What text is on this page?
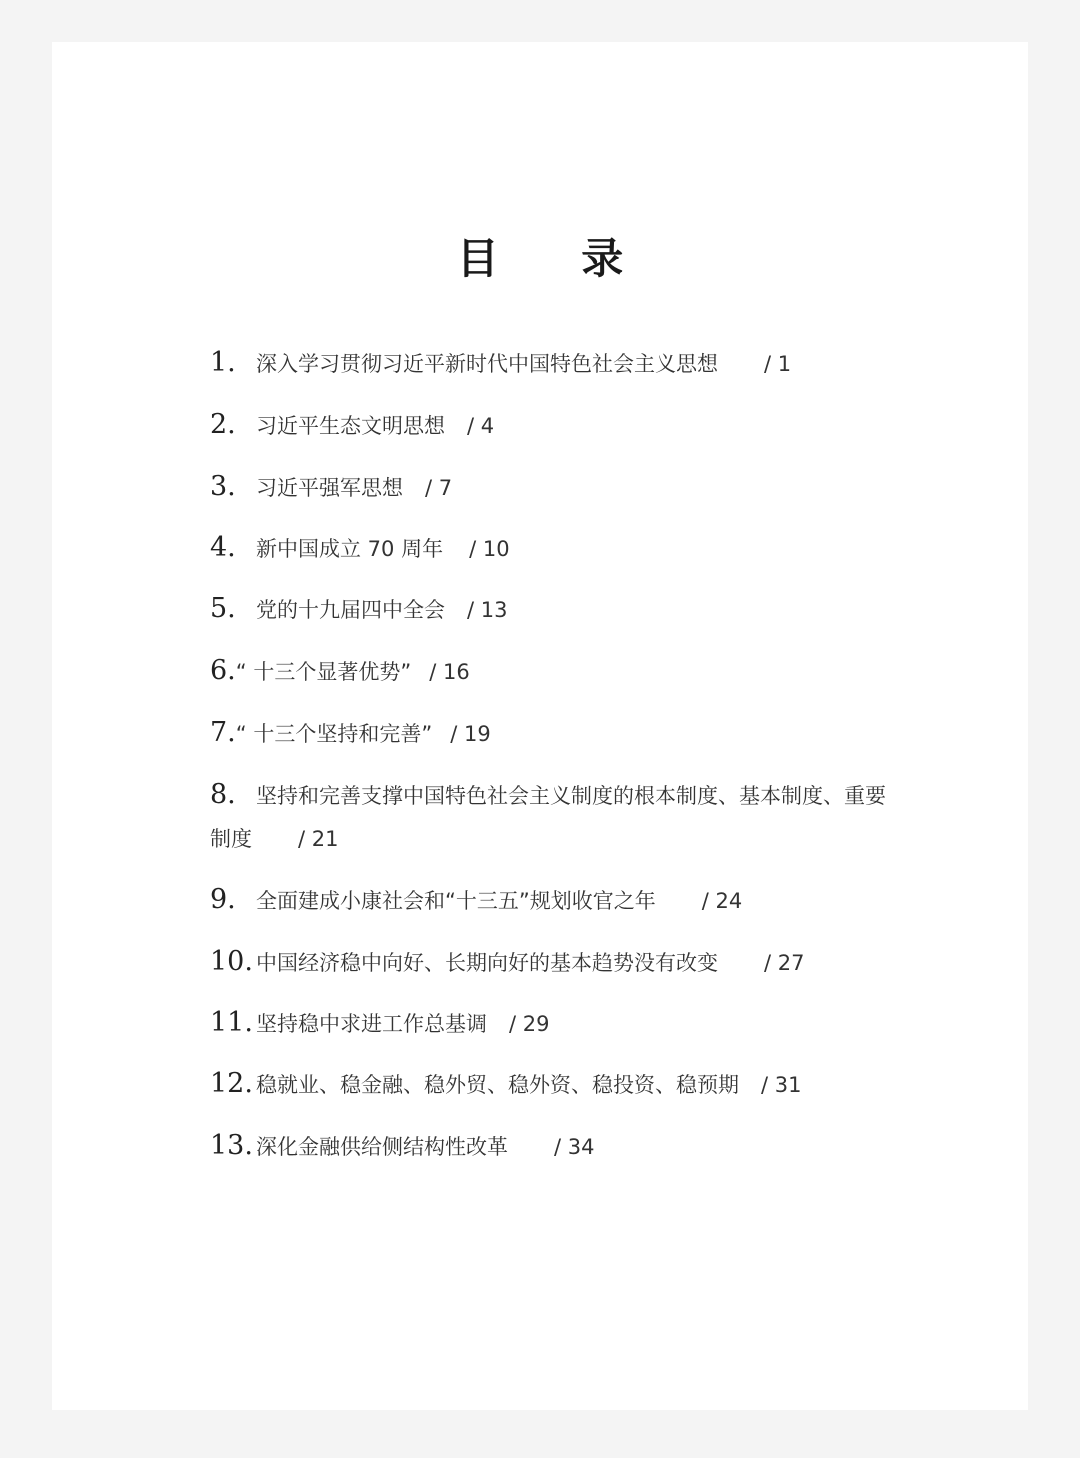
目 录
1. 深入学习贯彻习近平新时代中国特色社会主义思想 / 1
2. 习近平生态文明思想 / 4
3. 习近平强军思想 / 7
4. 新中国成立 70 周年 / 10
5. 党的十九届四中全会 / 13
6.“ 十三个显著优势” / 16
7.“ 十三个坚持和完善” / 19
8. 坚持和完善支撑中国特色社会主义制度的根本制度、基本制度、重要制度 / 21
9. 全面建成小康社会和“十三五”规划收官之年 / 24
10. 中国经济稳中向好、长期向好的基本趋势没有改变 / 27
11. 坚持稳中求进工作总基调 / 29
12. 稳就业、稳金融、稳外贸、稳外资、稳投资、稳预期 / 31
13. 深化金融供给侧结构性改革 / 34
